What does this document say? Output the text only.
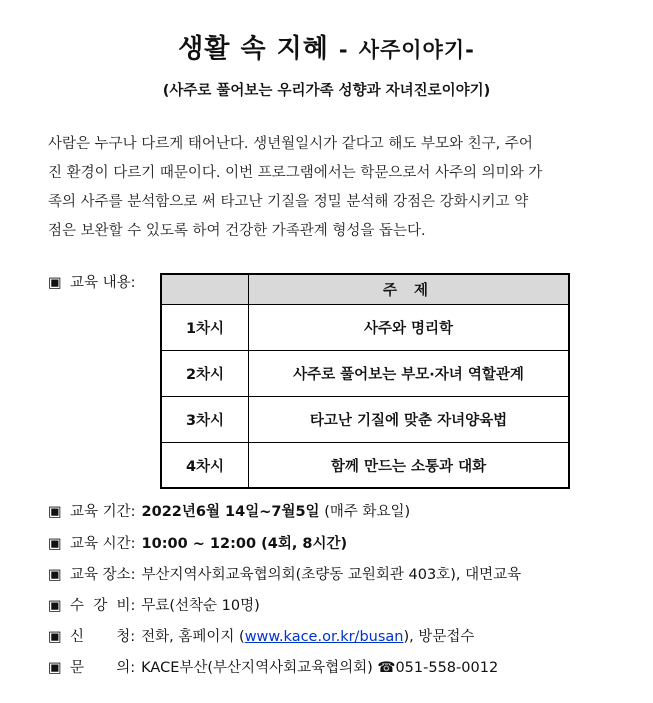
생활 속 지혜 - 사주이야기-
(사주로 풀어보는 우리가족 성향과 자녀진로이야기)
사람은 누구나 다르게 태어난다. 생년월일시가 같다고 해도 부모와 친구, 주어
진 환경이 다르기 때문이다. 이번 프로그램에서는 학문으로서 사주의 의미와 가
족의 사주를 분석함으로 써 타고난 기질을 정밀 분석해 강점은 강화시키고 약
점은 보완할 수 있도록 하여 건강한 가족관계 형성을 돕는다.
▣ 교육 내용:
		주 제
1차시	사주와 명리학
2차시	사주로 풀어보는 부모·자녀 역할관계
3차시	타고난 기질에 맞춘 자녀양육법
4차시	함께 만드는 소통과 대화
▣ 교육 기간: 2022년6월 14일~7월5일 (매주 화요일)
▣ 교육 시간: 10:00 ~ 12:00 (4회, 8시간)
▣ 교육 장소: 부산지역사회교육협의회(초량동 교원회관 403호), 대면교육
▣ 수  강  비: 무료(선착순 10명)
▣ 신       청: 전화, 홈페이지 (www.kace.or.kr/busan), 방문접수
▣ 문       의: KACE부산(부산지역사회교육협의회) ☎051-558-0012
